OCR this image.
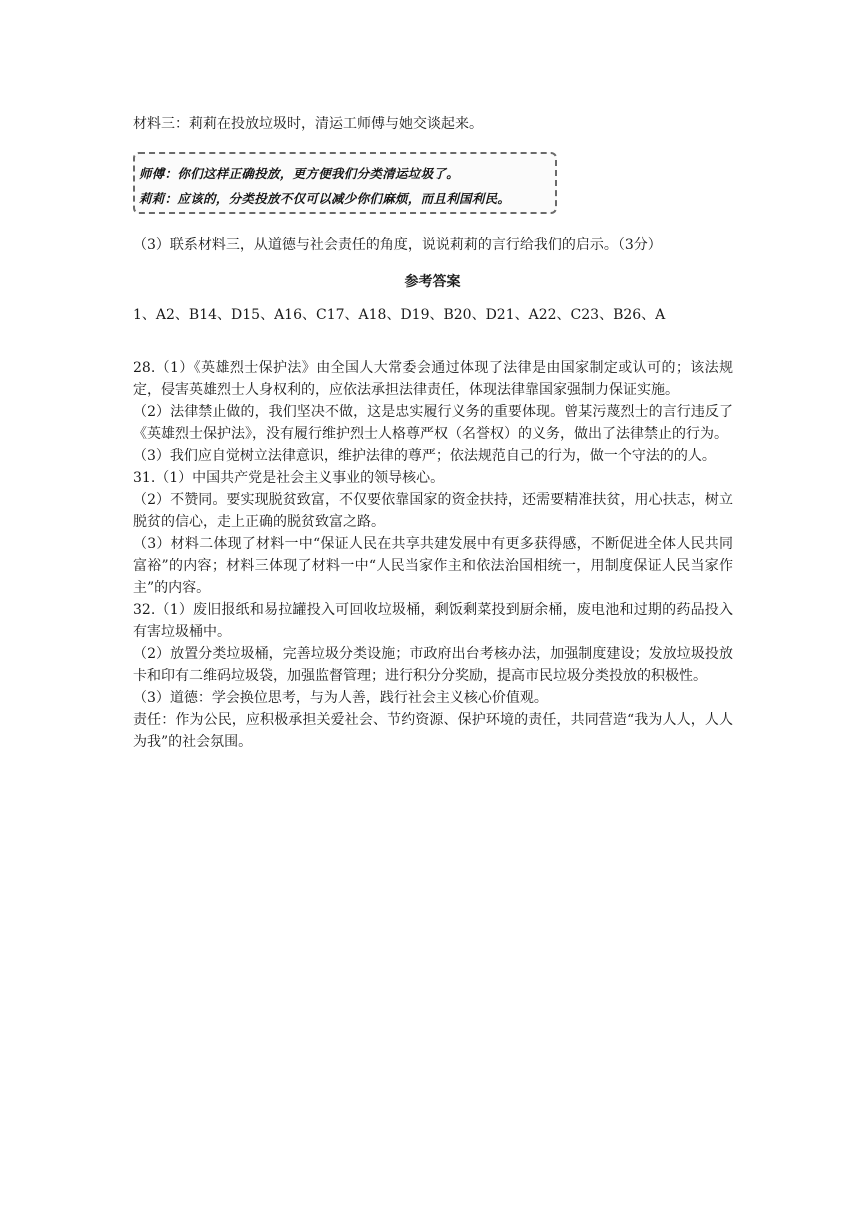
材料三：莉莉在投放垃圾时，清运工师傅与她交谈起来。
师傅：你们这样正确投放，更方便我们分类清运垃圾了。
莉莉：应该的，分类投放不仅可以减少你们麻烦，而且利国利民。
（3）联系材料三，从道德与社会责任的角度，说说莉莉的言行给我们的启示。（3分）
参考答案
1、A2、B14、D15、A16、C17、A18、D19、B20、D21、A22、C23、B26、A

28.（1）《英雄烈士保护法》由全国人大常委会通过体现了法律是由国家制定或认可的；该法规定，侵害英雄烈士人身权利的，应依法承担法律责任，体现法律靠国家强制力保证实施。

（2）法律禁止做的，我们坚决不做，这是忠实履行义务的重要体现。曾某污蔑烈士的言行违反了 《英雄烈士保护法》，没有履行维护烈士人格尊严权（名誉权）的义务，做出了法律禁止的行为。

（3）我们应自觉树立法律意识，维护法律的尊严；依法规范自己的行为，做一个守法的的人。

31.（1）中国共产党是社会主义事业的领导核心。

（2）不赞同。要实现脱贫致富，不仅要依靠国家的资金扶持，还需要精准扶贫，用心扶志，树立脱贫的信心，走上正确的脱贫致富之路。

（3）材料二体现了材料一中“保证人民在共享共建发展中有更多获得感，不断促进全体人民共同富裕”的内容；材料三体现了材料一中“人民当家作主和依法治国相统一，用制度保证人民当家作主”的内容。

32.（1）废旧报纸和易拉罐投入可回收垃圾桶，剩饭剩菜投到厨余桶，废电池和过期的药品投入有害垃圾桶中。

（2）放置分类垃圾桶，完善垃圾分类设施；市政府出台考核办法，加强制度建设；发放垃圾投放卡和印有二维码垃圾袋，加强监督管理；进行积分分奖励，提高市民垃圾分类投放的积极性。

（3）道德：学会换位思考，与为人善，践行社会主义核心价值观。

责任：作为公民，应积极承担关爱社会、节约资源、保护环境的责任，共同营造“我为人人，人人为我”的社会氛围。
